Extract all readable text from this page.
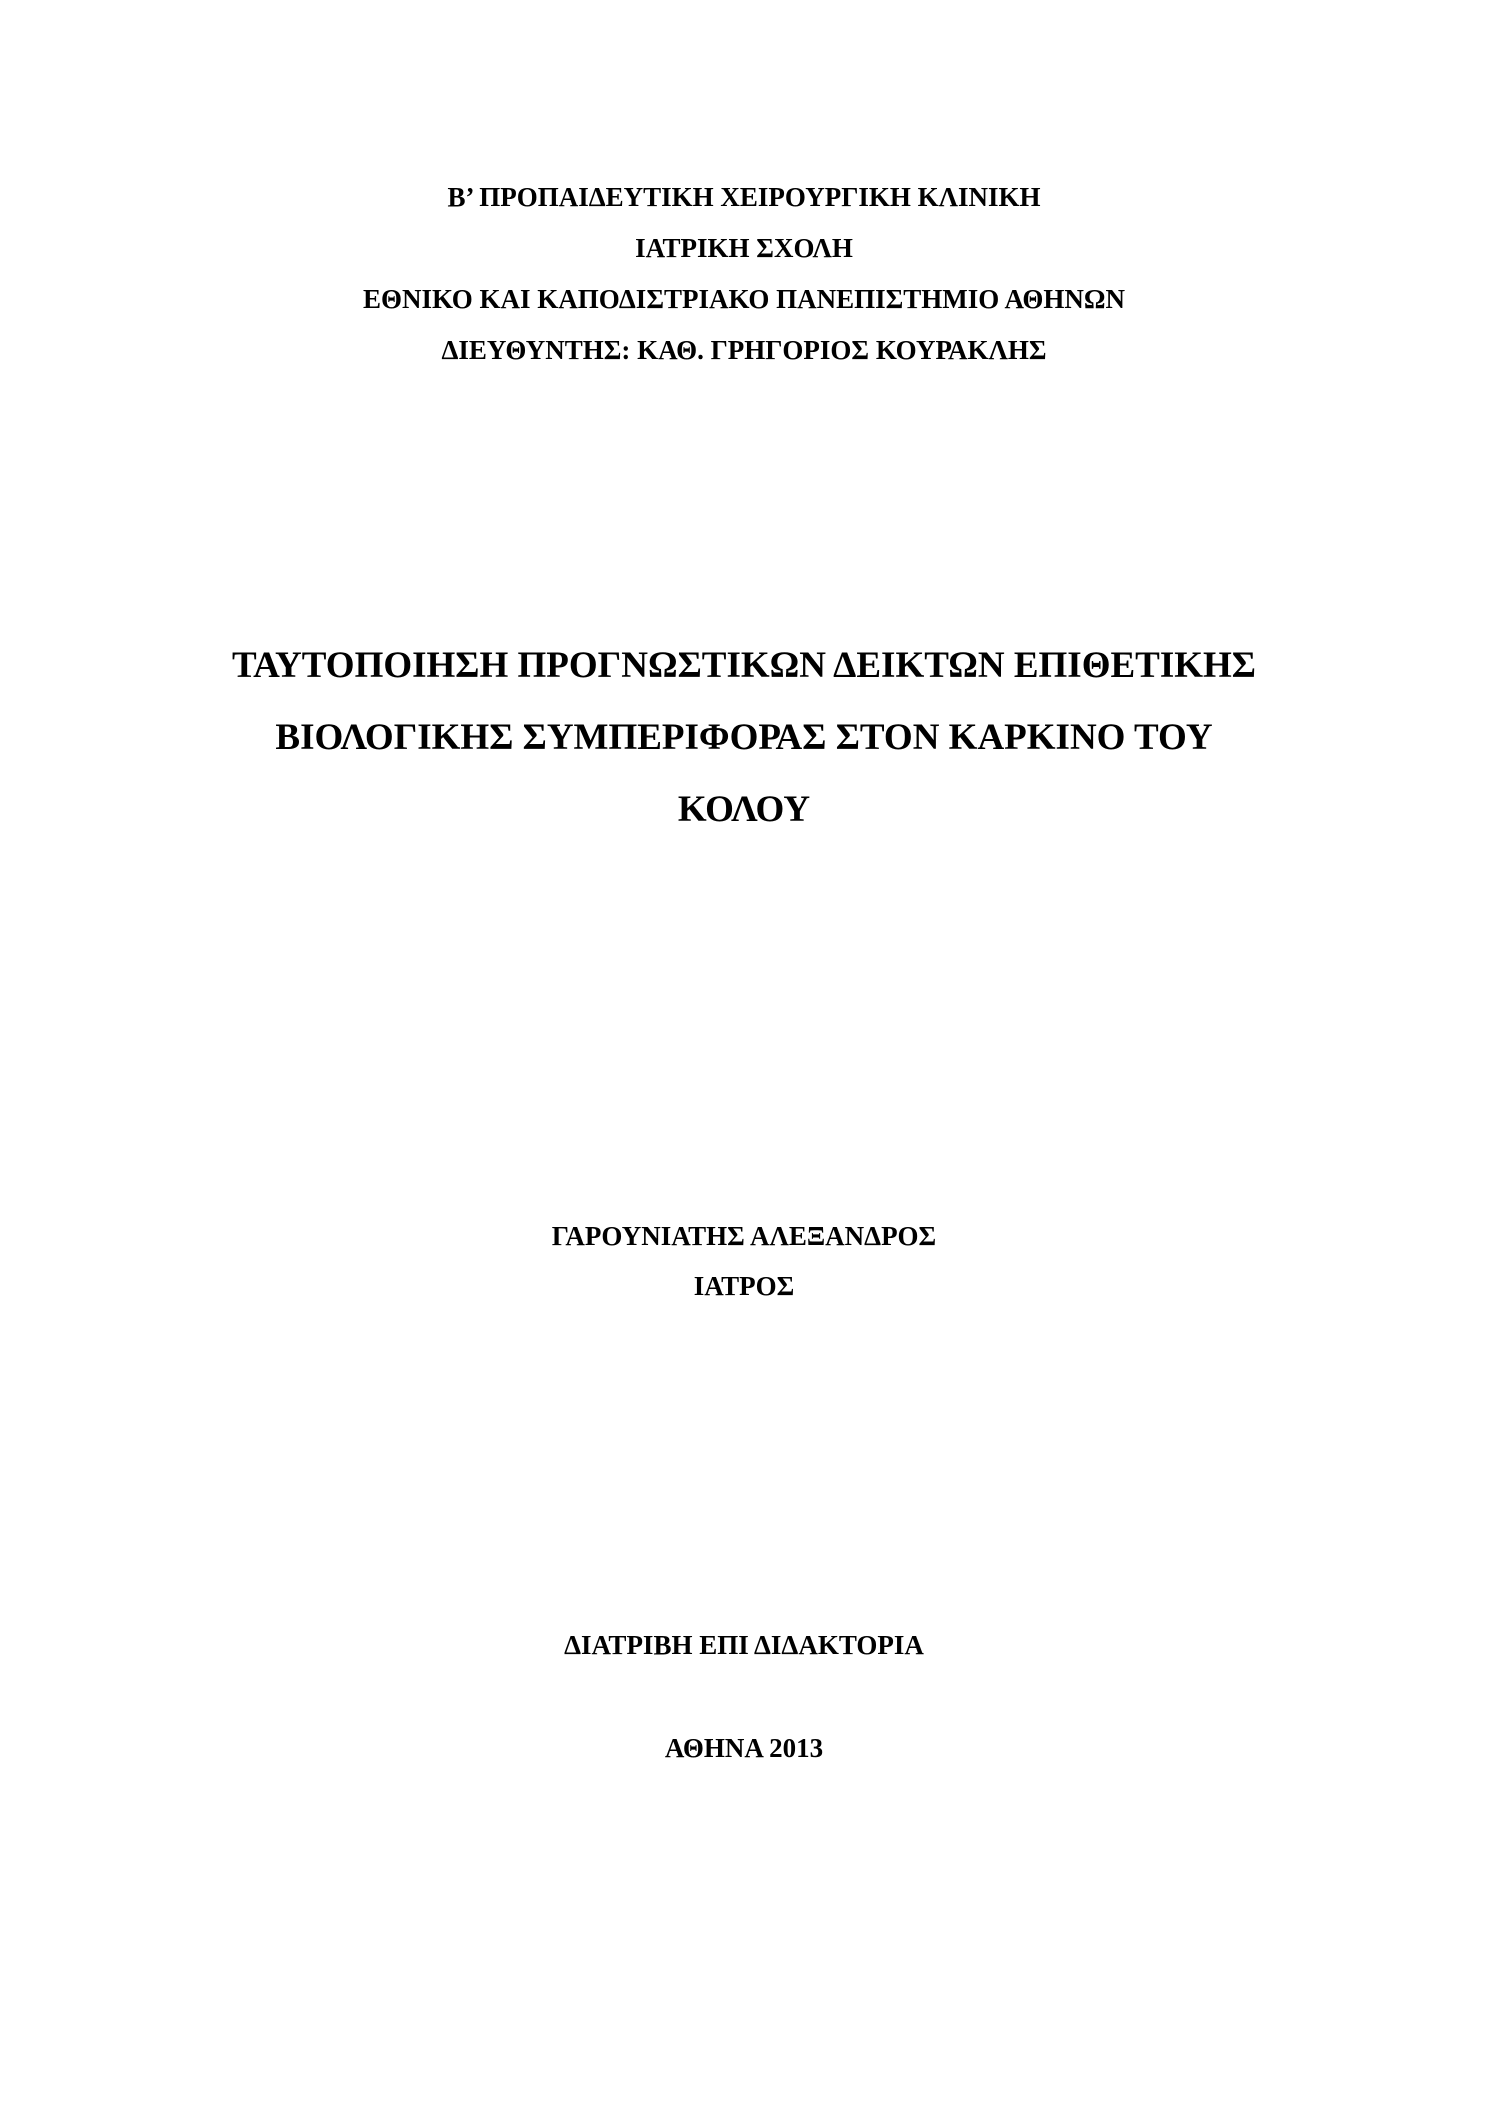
Β’ ΠΡΟΠΑΙΔΕΥΤΙΚΗ ΧΕΙΡΟΥΡΓΙΚΗ ΚΛΙΝΙΚΗ
ΙΑΤΡΙΚΗ ΣΧΟΛΗ
ΕΘΝΙΚΟ ΚΑΙ ΚΑΠΟΔΙΣΤΡΙΑΚΟ ΠΑΝΕΠΙΣΤΗΜΙΟ ΑΘΗΝΩΝ
ΔΙΕΥΘΥΝΤΗΣ: ΚΑΘ. ΓΡΗΓΟΡΙΟΣ ΚΟΥΡΑΚΛΗΣ
ΤΑΥΤΟΠΟΙΗΣΗ ΠΡΟΓΝΩΣΤΙΚΩΝ ΔΕΙΚΤΩΝ ΕΠΙΘΕΤΙΚΗΣ
ΒΙΟΛΟΓΙΚΗΣ ΣΥΜΠΕΡΙΦΟΡΑΣ ΣΤΟΝ ΚΑΡΚΙΝΟ ΤΟΥ
ΚΟΛΟΥ
ΓΑΡΟΥΝΙΑΤΗΣ ΑΛΕΞΑΝΔΡΟΣ
ΙΑΤΡΟΣ
ΔΙΑΤΡΙΒΗ ΕΠΙ ΔΙΔΑΚΤΟΡΙΑ
ΑΘΗΝΑ 2013
